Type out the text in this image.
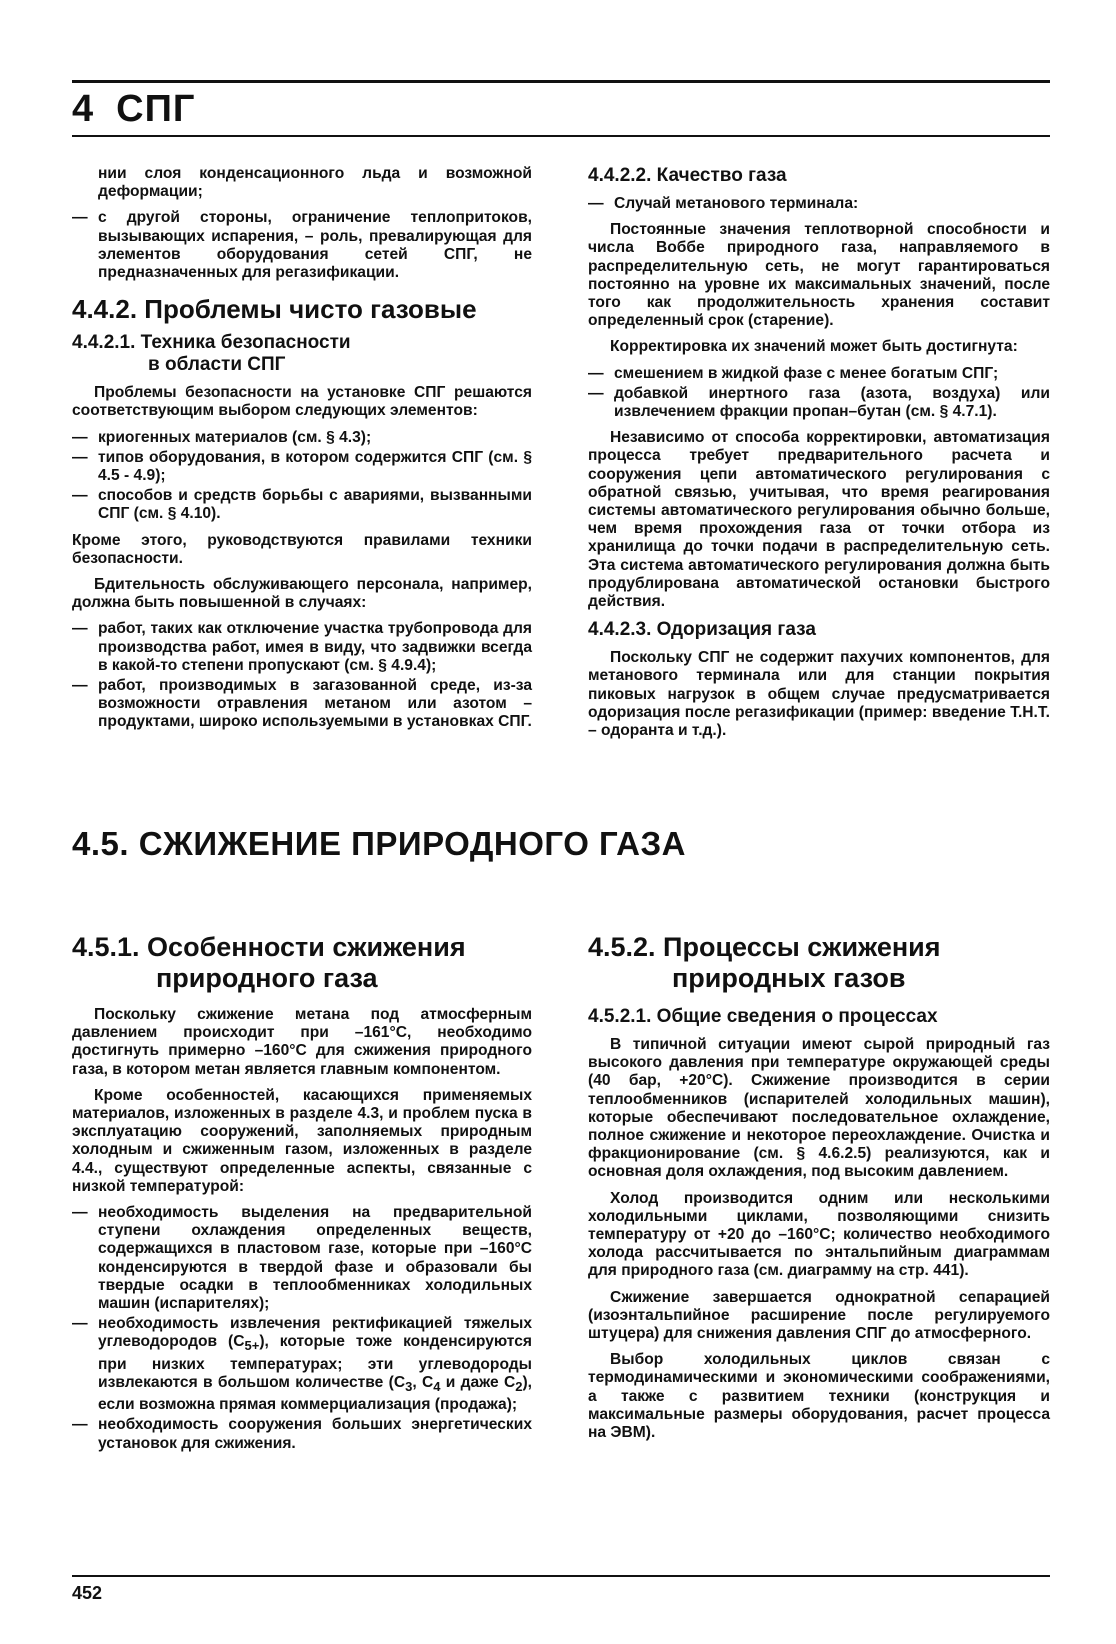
4 СПГ

нии слоя конденсационного льда и возможной деформации;

— с другой стороны, ограничение теплопритоков, вызывающих испарения, – роль, превалирующая для элементов оборудования сетей СПГ, не предназначенных для регазификации.
4.4.2. Проблемы чисто газовые
4.4.2.1. Техника безопасности
в области СПГ

Проблемы безопасности на установке СПГ решаются соответствующим выбором следующих элементов:

— криогенных материалов (см. § 4.3);
— типов оборудования, в котором содержится СПГ (см. § 4.5 - 4.9);
— способов и средств борьбы с авариями, вызванными СПГ (см. § 4.10).

Кроме этого, руководствуются правилами техники безопасности.

Бдительность обслуживающего персонала, например, должна быть повышенной в случаях:

— работ, таких как отключение участка трубопровода для производства работ, имея в виду, что задвижки всегда в какой-то степени пропускают (см. § 4.9.4);
— работ, производимых в загазованной среде, из-за возможности отравления метаном или азотом – продуктами, широко используемыми в установках СПГ.
4.4.2.2. Качество газа
— Случай метанового терминала:

Постоянные значения теплотворной способности и числа Воббе природного газа, направляемого в распределительную сеть, не могут гарантироваться постоянно на уровне их максимальных значений, после того как продолжительность хранения составит определенный срок (старение).

Корректировка их значений может быть достигнута:

— смешением в жидкой фазе с менее богатым СПГ;
— добавкой инертного газа (азота, воздуха) или извлечением фракции пропан–бутан (см. § 4.7.1).

Независимо от способа корректировки, автоматизация процесса требует предварительного расчета и сооружения цепи автоматического регулирования с обратной связью, учитывая, что время реагирования системы автоматического регулирования обычно больше, чем время прохождения газа от точки отбора из хранилища до точки подачи в распределительную сеть. Эта система автоматического регулирования должна быть продублирована автоматической остановки быстрого действия.

4.4.2.3. Одоризация газа

Поскольку СПГ не содержит пахучих компонентов, для метанового терминала или для станции покрытия пиковых нагрузок в общем случае предусматривается одоризация после регазификации (пример: введение Т.Н.Т. – одоранта и т.д.).

4.5. СЖИЖЕНИЕ ПРИРОДНОГО ГАЗА
4.5.1. Особенности сжижения
природного газа

Поскольку сжижение метана под атмосферным давлением происходит при –161°С, необходимо достигнуть примерно –160°С для сжижения природного газа, в котором метан является главным компонентом.

Кроме особенностей, касающихся применяемых материалов, изложенных в разделе 4.3, и проблем пуска в эксплуатацию сооружений, заполняемых природным холодным и сжиженным газом, изложенных в разделе 4.4., существуют определенные аспекты, связанные с низкой температурой:

— необходимость выделения на предварительной ступени охлаждения определенных веществ, содержащихся в пластовом газе, которые при –160°С конденсируются в твердой фазе и образовали бы твердые осадки в теплообменниках холодильных машин (испарителях);
— необходимость извлечения ректификацией тяжелых углеводородов $(С_{5+})$, которые тоже конденсируются при низких температурах; эти углеводороды извлекаются в большом количестве ($С_3$, $С_4$ и даже $С_2$), если возможна прямая коммерциализация (продажа);
— необходимость сооружения больших энергетических установок для сжижения.
4.5.2. Процессы сжижения
природных газов
4.5.2.1. Общие сведения о процессах

В типичной ситуации имеют сырой природный газ высокого давления при температуре окружающей среды (40 бар, +20°С). Сжижение производится в серии теплообменников (испарителей холодильных машин), которые обеспечивают последовательное охлаждение, полное сжижение и некоторое переохлаждение. Очистка и фракционирование (см. § 4.6.2.5) реализуются, как и основная доля охлаждения, под высоким давлением.

Холод производится одним или несколькими холодильными циклами, позволяющими снизить температуру от +20 до –160°С; количество необходимого холода рассчитывается по энтальпийным диаграммам для природного газа (см. диаграмму на стр. 441).

Сжижение завершается однократной сепарацией (изоэнтальпийное расширение после регулируемого штуцера) для снижения давления СПГ до атмосферного.

Выбор холодильных циклов связан с термодинамическими и экономическими соображениями, а также с развитием техники (конструкция и максимальные размеры оборудования, расчет процесса на ЭВМ).

452
